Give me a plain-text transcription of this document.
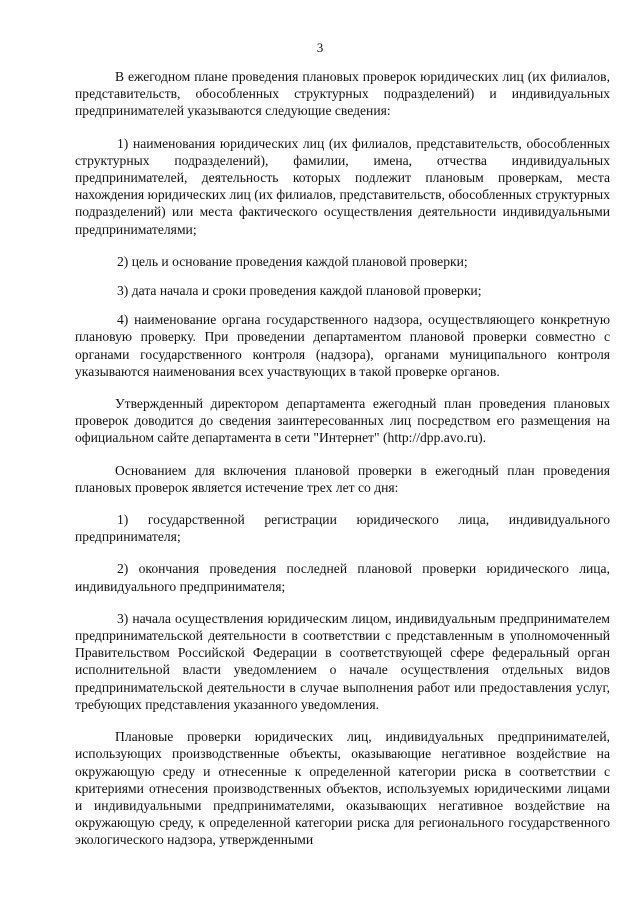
3

В ежегодном плане проведения плановых проверок юридических лиц (их филиалов, представительств, обособленных структурных подразделений) и индивидуальных предпринимателей указываются следующие сведения:

1) наименования юридических лиц (их филиалов, представительств, обособленных структурных подразделений), фамилии, имена, отчества индивидуальных предпринимателей, деятельность которых подлежит плановым проверкам, места нахождения юридических лиц (их филиалов, представительств, обособленных структурных подразделений) или места фактического осуществления деятельности индивидуальными предпринимателями;

2) цель и основание проведения каждой плановой проверки;

3) дата начала и сроки проведения каждой плановой проверки;

4) наименование органа государственного надзора, осуществляющего конкретную плановую проверку. При проведении департаментом плановой проверки совместно с органами государственного контроля (надзора), органами муниципального контроля указываются наименования всех участвующих в такой проверке органов.

Утвержденный директором департамента ежегодный план проведения плановых проверок доводится до сведения заинтересованных лиц посредством его размещения на официальном сайте департамента в сети "Интернет" (http://dpp.avo.ru).

Основанием для включения плановой проверки в ежегодный план проведения плановых проверок является истечение трех лет со дня:

1) государственной регистрации юридического лица, индивидуального предпринимателя;

2) окончания проведения последней плановой проверки юридического лица, индивидуального предпринимателя;

3) начала осуществления юридическим лицом, индивидуальным предпринимателем предпринимательской деятельности в соответствии с представленным в уполномоченный Правительством Российской Федерации в соответствующей сфере федеральный орган исполнительной власти уведомлением о начале осуществления отдельных видов предпринимательской деятельности в случае выполнения работ или предоставления услуг, требующих представления указанного уведомления.

Плановые проверки юридических лиц, индивидуальных предпринимателей, использующих производственные объекты, оказывающие негативное воздействие на окружающую среду и отнесенные к определенной категории риска в соответствии с критериями отнесения производственных объектов, используемых юридическими лицами и индивидуальными предпринимателями, оказывающих негативное воздействие на окружающую среду, к определенной категории риска для регионального государственного экологического надзора, утвержденными
